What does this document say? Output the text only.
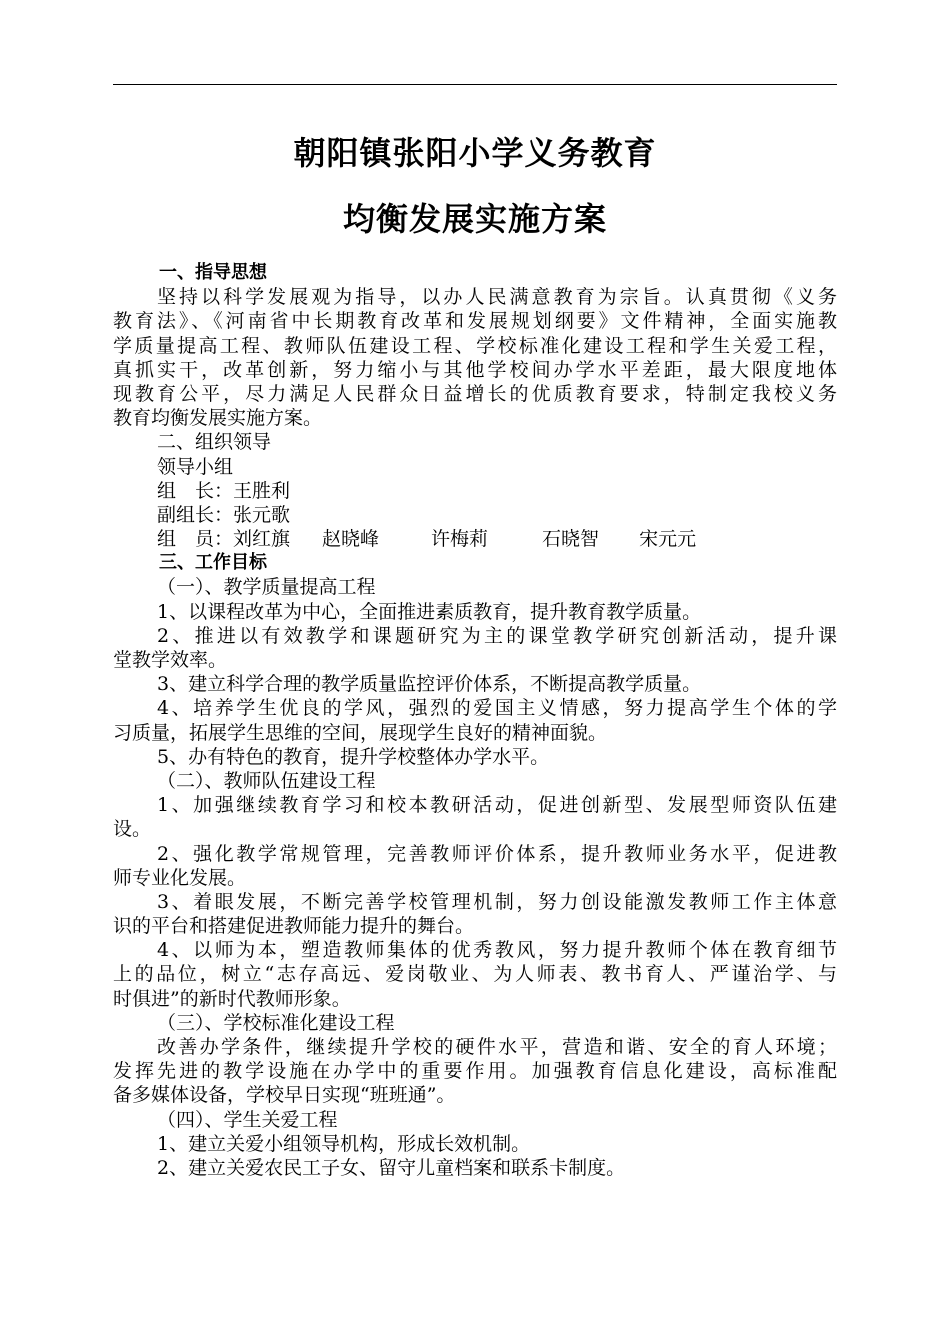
朝阳镇张阳小学义务教育
均衡发展实施方案
一、指导思想
坚持以科学发展观为指导，以办人民满意教育为宗旨。认真贯彻《义务
教育法》、《河南省中长期教育改革和发展规划纲要》文件精神，全面实施教
学质量提高工程、教师队伍建设工程、学校标准化建设工程和学生关爱工程，
真抓实干，改革创新，努力缩小与其他学校间办学水平差距，最大限度地体
现教育公平，尽力满足人民群众日益增长的优质教育要求，特制定我校义务
教育均衡发展实施方案。
二、组织领导
领导小组
组　长：王胜利
副组长：张元歌
组　员：刘红旗 赵晓峰	许梅莉	石晓智 宋元元
三、工作目标
（一）、教学质量提高工程
1、以课程改革为中心，全面推进素质教育，提升教育教学质量。
2、推进以有效教学和课题研究为主的课堂教学研究创新活动，提升课
堂教学效率。
3、建立科学合理的教学质量监控评价体系，不断提高教学质量。
4、培养学生优良的学风，强烈的爱国主义情感，努力提高学生个体的学
习质量，拓展学生思维的空间，展现学生良好的精神面貌。
5、办有特色的教育，提升学校整体办学水平。
（二）、教师队伍建设工程
1、加强继续教育学习和校本教研活动，促进创新型、发展型师资队伍建
设。
2、强化教学常规管理，完善教师评价体系，提升教师业务水平，促进教
师专业化发展。
3、着眼发展，不断完善学校管理机制，努力创设能激发教师工作主体意
识的平台和搭建促进教师能力提升的舞台。
4、以师为本，塑造教师集体的优秀教风，努力提升教师个体在教育细节
上的品位，树立“志存高远、爱岗敬业、为人师表、教书育人、严谨治学、与
时俱进”的新时代教师形象。
（三）、学校标准化建设工程
改善办学条件，继续提升学校的硬件水平，营造和谐、安全的育人环境；
发挥先进的教学设施在办学中的重要作用。加强教育信息化建设，高标准配
备多媒体设备，学校早日实现“班班通”。
（四）、学生关爱工程
1、建立关爱小组领导机构，形成长效机制。
2、建立关爱农民工子女、留守儿童档案和联系卡制度。
